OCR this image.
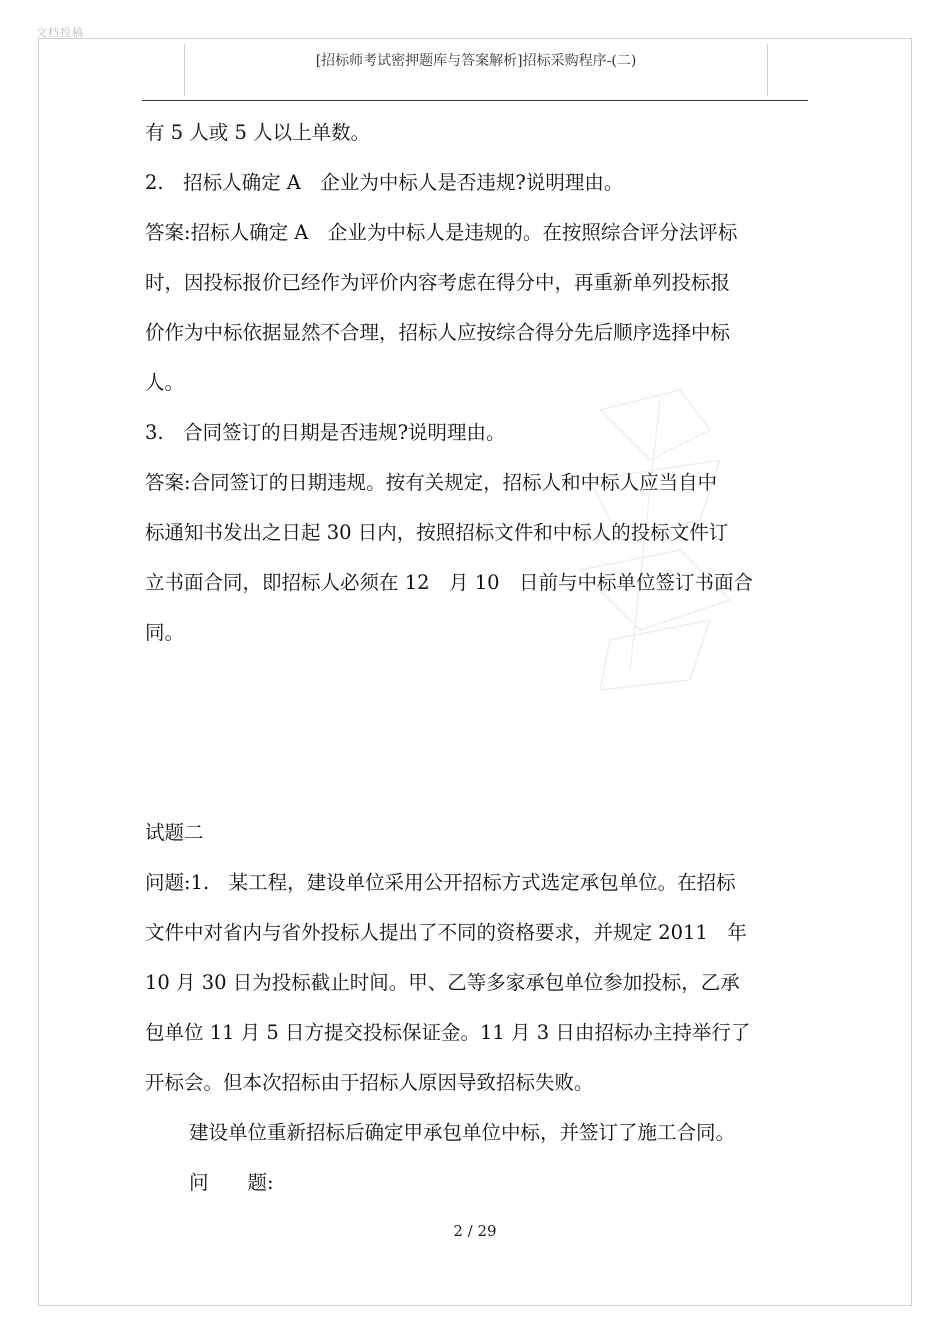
文档投稿
[招标师考试密押题库与答案解析]招标采购程序-(二)
有 5 人或 5 人以上单数。
2.　招标人确定 A　企业为中标人是否违规?说明理由。
答案:招标人确定 A　企业为中标人是违规的。在按照综合评分法评标
时，因投标报价已经作为评价内容考虑在得分中，再重新单列投标报
价作为中标依据显然不合理，招标人应按综合得分先后顺序选择中标
人。
3.　合同签订的日期是否违规?说明理由。
答案:合同签订的日期违规。按有关规定，招标人和中标人应当自中
标通知书发出之日起 30 日内，按照招标文件和中标人的投标文件订
立书面合同，即招标人必须在 12　月 10　日前与中标单位签订书面合
同。
试题二
问题:1.　某工程，建设单位采用公开招标方式选定承包单位。在招标
文件中对省内与省外投标人提出了不同的资格要求，并规定 2011　年
10 月 30 日为投标截止时间。甲、乙等多家承包单位参加投标，乙承
包单位 11 月 5 日方提交投标保证金。11 月 3 日由招标办主持举行了
开标会。但本次招标由于招标人原因导致招标失败。
建设单位重新招标后确定甲承包单位中标，并签订了施工合同。
问　　题:
2 / 29
